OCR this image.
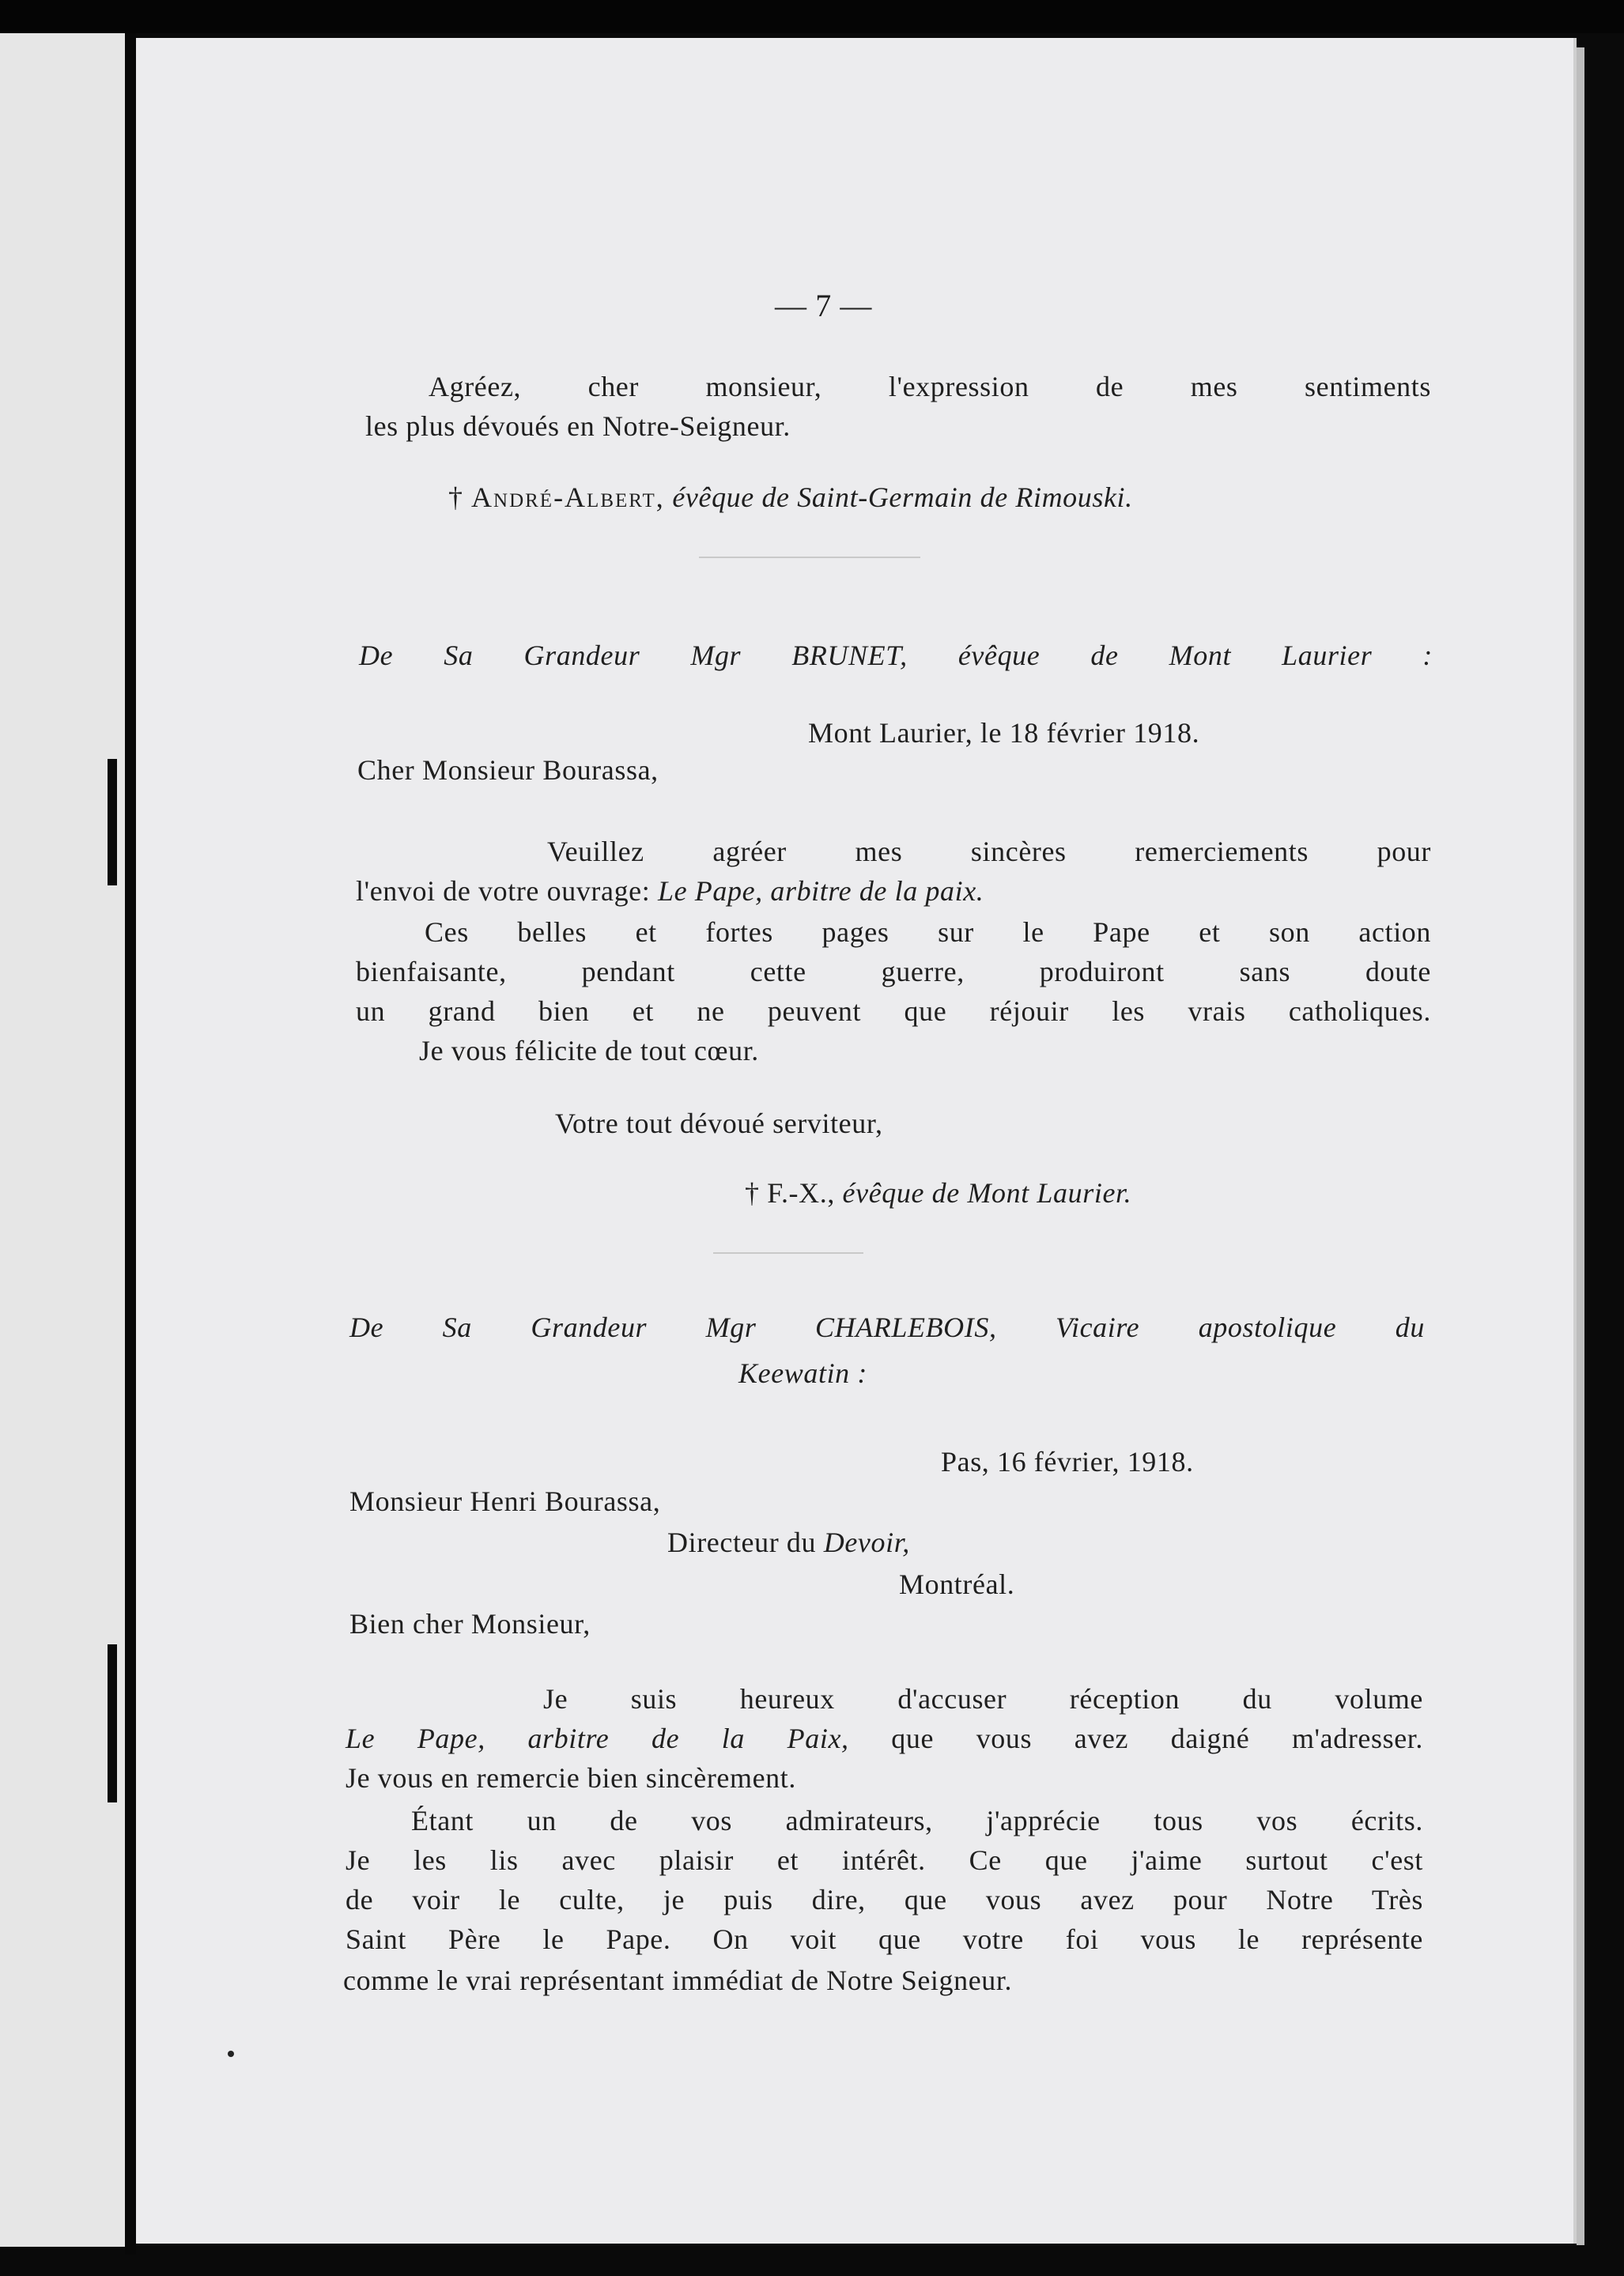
— 7 —
Agréez, cher monsieur, l'expression de mes sentiments
les plus dévoués en Notre-Seigneur.
† André-Albert, évêque de Saint-Germain de Rimouski.
De Sa Grandeur Mgr BRUNET, évêque de Mont Laurier :
Mont Laurier, le 18 février 1918.
Cher Monsieur Bourassa,
Veuillez agréer mes sincères remerciements pour
l'envoi de votre ouvrage: Le Pape, arbitre de la paix.
Ces belles et fortes pages sur le Pape et son action
bienfaisante, pendant cette guerre, produiront sans doute
un grand bien et ne peuvent que réjouir les vrais catholiques.
Je vous félicite de tout cœur.
Votre tout dévoué serviteur,
† F.-X., évêque de Mont Laurier.
De Sa Grandeur Mgr CHARLEBOIS, Vicaire apostolique du
Keewatin :
Pas, 16 février, 1918.
Monsieur Henri Bourassa,
Directeur du Devoir,
Montréal.
Bien cher Monsieur,
Je suis heureux d'accuser réception du volume
Le Pape, arbitre de la Paix, que vous avez daigné m'adresser.
Je vous en remercie bien sincèrement.
Étant un de vos admirateurs, j'apprécie tous vos écrits.
Je les lis avec plaisir et intérêt. Ce que j'aime surtout c'est
de voir le culte, je puis dire, que vous avez pour Notre Très
Saint Père le Pape. On voit que votre foi vous le représente
comme le vrai représentant immédiat de Notre Seigneur.
